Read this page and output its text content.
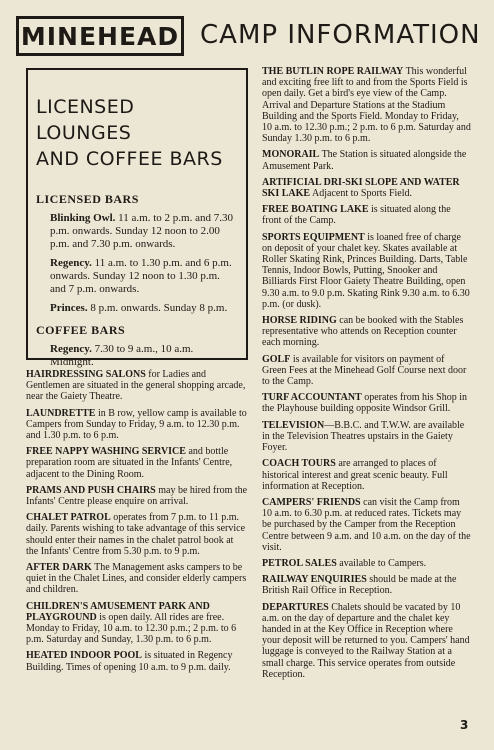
MINEHEAD CAMP INFORMATION
LICENSED LOUNGES
AND COFFEE BARS
LICENSED BARS
Blinking Owl. 11 a.m. to 2 p.m. and 7.30 p.m. onwards. Sunday 12 noon to 2.00 p.m. and 7.30 p.m. onwards.
Regency. 11 a.m. to 1.30 p.m. and 6 p.m. onwards. Sunday 12 noon to 1.30 p.m. and 7 p.m. onwards.
Princes. 8 p.m. onwards. Sunday 8 p.m.
COFFEE BARS
Regency. 7.30 to 9 a.m., 10 a.m. Midnight.
HAIRDRESSING SALONS for Ladies and Gentlemen are situated in the general shopping arcade, near the Gaiety Theatre.
LAUNDRETTE in B row, yellow camp is available to Campers from Sunday to Friday, 9 a.m. to 12.30 p.m. and 1.30 p.m. to 6 p.m.
FREE NAPPY WASHING SERVICE and bottle preparation room are situated in the Infants' Centre, adjacent to the Dining Room.
PRAMS AND PUSH CHAIRS may be hired from the Infants' Centre please enquire on arrival.
CHALET PATROL operates from 7 p.m. to 11 p.m. daily. Parents wishing to take advantage of this service should enter their names in the chalet patrol book at the Infants' Centre from 5.30 p.m. to 9 p.m.
AFTER DARK The Management asks campers to be quiet in the Chalet Lines, and consider elderly campers and children.
CHILDREN'S AMUSEMENT PARK AND PLAYGROUND is open daily. All rides are free. Monday to Friday, 10 a.m. to 12.30 p.m.; 2 p.m. to 6 p.m. Saturday and Sunday, 1.30 p.m. to 6 p.m.
HEATED INDOOR POOL is situated in Regency Building. Times of opening 10 a.m. to 9 p.m. daily.
THE BUTLIN ROPE RAILWAY This wonderful and exciting free lift to and from the Sports Field is open daily. Get a bird's eye view of the Camp. Arrival and Departure Stations at the Stadium Building and the Sports Field. Monday to Friday, 10 a.m. to 12.30 p.m.; 2 p.m. to 6 p.m. Saturday and Sunday 1.30 p.m. to 6 p.m.
MONORAIL The Station is situated alongside the Amusement Park.
ARTIFICIAL DRI-SKI SLOPE AND WATER SKI LAKE Adjacent to Sports Field.
FREE BOATING LAKE is situated along the front of the Camp.
SPORTS EQUIPMENT is loaned free of charge on deposit of your chalet key. Skates available at Roller Skating Rink, Princes Building. Darts, Table Tennis, Indoor Bowls, Putting, Snooker and Billiards First Floor Gaiety Theatre Building, open 9.30 a.m. to 9.0 p.m. Skating Rink 9.30 a.m. to 6.30 p.m. (or dusk).
HORSE RIDING can be booked with the Stables representative who attends on Reception counter each morning.
GOLF is available for visitors on payment of Green Fees at the Minehead Golf Course next door to the Camp.
TURF ACCOUNTANT operates from his Shop in the Playhouse building opposite Windsor Grill.
TELEVISION—B.B.C. and T.W.W. are available in the Television Theatres upstairs in the Gaiety Foyer.
COACH TOURS are arranged to places of historical interest and great scenic beauty. Full information at Reception.
CAMPERS' FRIENDS can visit the Camp from 10 a.m. to 6.30 p.m. at reduced rates. Tickets may be purchased by the Camper from the Reception Centre between 9 a.m. and 10 a.m. on the day of the visit.
PETROL SALES available to Campers.
RAILWAY ENQUIRIES should be made at the British Rail Office in Reception.
DEPARTURES Chalets should be vacated by 10 a.m. on the day of departure and the chalet key handed in at the Key Office in Reception where your deposit will be returned to you. Campers' hand luggage is conveyed to the Railway Station at a small charge. This service operates from outside Reception.
3
